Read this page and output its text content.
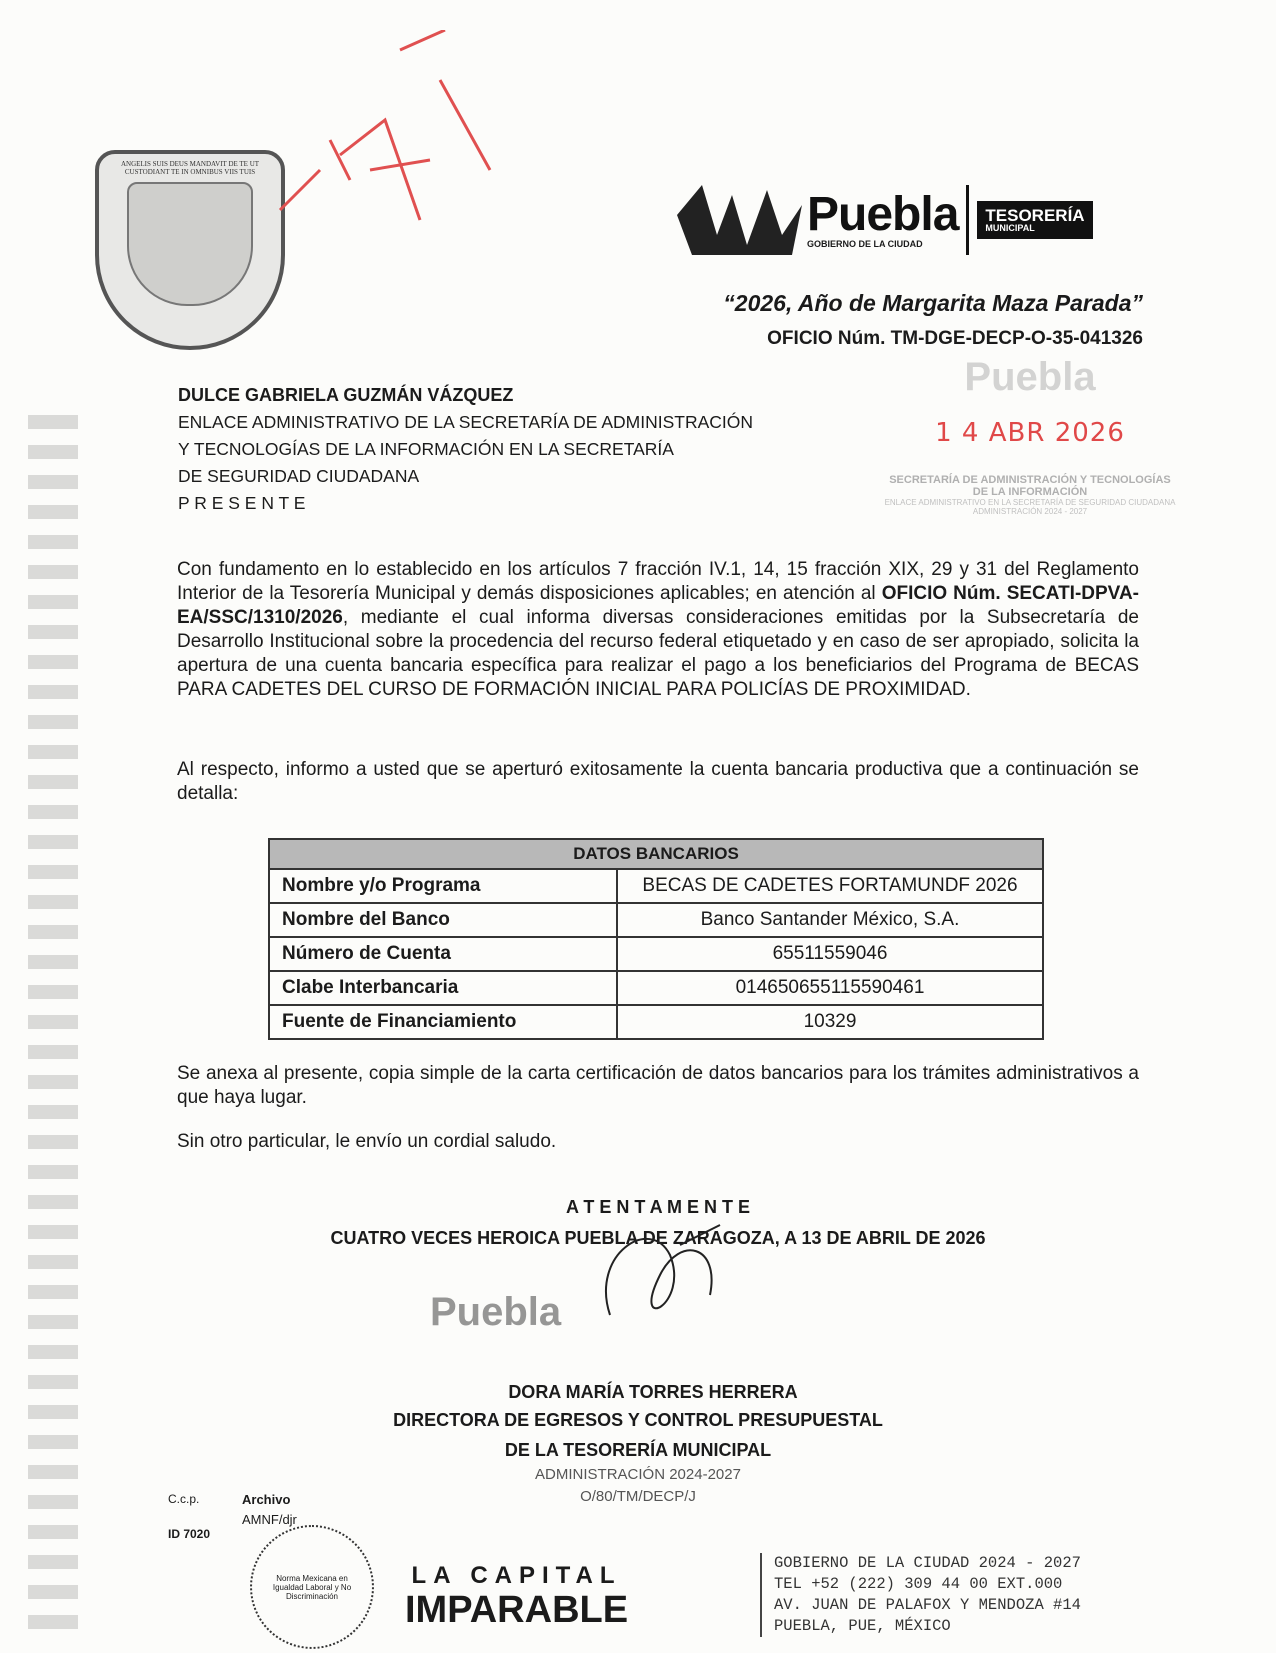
ANGELIS SUIS DEUS MANDAVIT DE TE UT CUSTODIANT TE IN OMNIBUS VIIS TUIS
Puebla
GOBIERNO DE LA CIUDAD
TESORERÍA
MUNICIPAL
“2026, Año de Margarita Maza Parada”
OFICIO Núm. TM-DGE-DECP-O-35-041326
DULCE GABRIELA GUZMÁN VÁZQUEZ
ENLACE ADMINISTRATIVO DE LA SECRETARÍA DE ADMINISTRACIÓN
Y TECNOLOGÍAS DE LA INFORMACIÓN EN LA SECRETARÍA
DE SEGURIDAD CIUDADANA
P R E S E N T E
Puebla
1 4 ABR 2026
SECRETARÍA DE ADMINISTRACIÓN Y TECNOLOGÍAS
DE LA INFORMACIÓN
ENLACE ADMINISTRATIVO EN LA SECRETARÍA DE SEGURIDAD CIUDADANA
ADMINISTRACIÓN 2024 - 2027
Con fundamento en lo establecido en los artículos 7 fracción IV.1, 14, 15 fracción XIX, 29 y 31 del Reglamento Interior de la Tesorería Municipal y demás disposiciones aplicables; en atención al OFICIO Núm. SECATI-DPVA-EA/SSC/1310/2026, mediante el cual informa diversas consideraciones emitidas por la Subsecretaría de Desarrollo Institucional sobre la procedencia del recurso federal etiquetado y en caso de ser apropiado, solicita la apertura de una cuenta bancaria específica para realizar el pago a los beneficiarios del Programa de BECAS PARA CADETES DEL CURSO DE FORMACIÓN INICIAL PARA POLICÍAS DE PROXIMIDAD.
Al respecto, informo a usted que se aperturó exitosamente la cuenta bancaria productiva que a continuación se detalla:
DATOS BANCARIOS	
Nombre y/o Programa	BECAS DE CADETES FORTAMUNDF 2026
Nombre del Banco	Banco Santander México, S.A.
Número de Cuenta	65511559046
Clabe Interbancaria	014650655115590461
Fuente de Financiamiento	10329
Se anexa al presente, copia simple de la carta certificación de datos bancarios para los trámites administrativos a que haya lugar.
Sin otro particular, le envío un cordial saludo.
A T E N T A M E N T E
CUATRO VECES HEROICA PUEBLA DE ZARAGOZA, A 13 DE ABRIL DE 2026
Puebla
DORA MARÍA TORRES HERRERA
DIRECTORA DE EGRESOS Y CONTROL PRESUPUESTAL
DE LA TESORERÍA MUNICIPAL
ADMINISTRACIÓN 2024-2027
O/80/TM/DECP/J
C.c.p.	Archivo
AMNF/djr
ID 7020
Norma Mexicana en Igualdad Laboral y No Discriminación
LA CAPITAL
IMPARABLE
GOBIERNO DE LA CIUDAD 2024 - 2027
TEL +52 (222) 309 44 00 EXT.000
AV. JUAN DE PALAFOX Y MENDOZA #14
PUEBLA, PUE, MÉXICO
